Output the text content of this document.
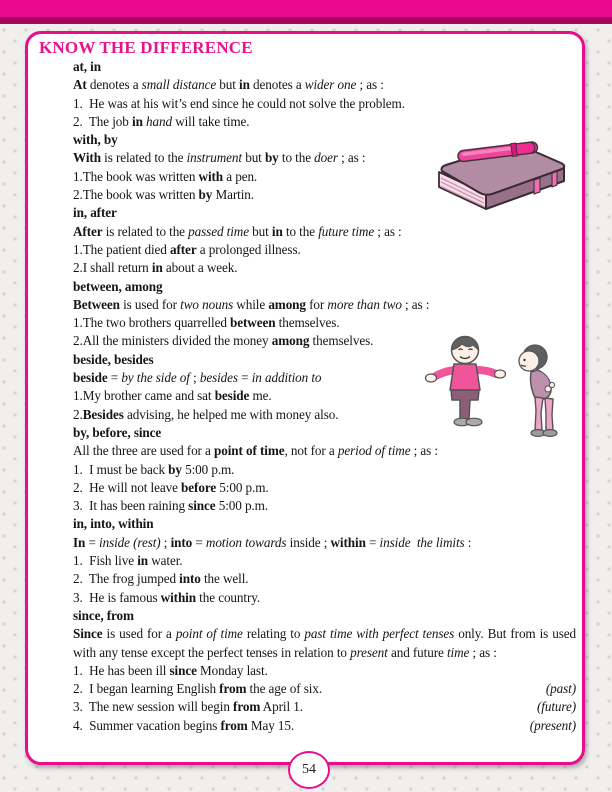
KNOW THE DIFFERENCE
at, in
At denotes a small distance but in denotes a wider one ; as :
1.  He was at his wit’s end since he could not solve the problem.
2.  The job in hand will take time.
with, by
With is related to the instrument but by to the doer ; as :
1.The book was written with a pen.
2.The book was written by Martin.
in, after
After is related to the passed time but in to the future time ; as :
1.The patient died after a prolonged illness.
2.I shall return in about a week.
between, among
Between is used for two nouns while among for more than two ; as :
1.The two brothers quarrelled between themselves.
2.All the ministers divided the money among themselves.
beside, besides
beside = by the side of ; besides = in addition to
1.My brother came and sat beside me.
2.Besides advising, he helped me with money also.
by, before, since
All the three are used for a point of time, not for a period of time ; as :
1.  I must be back by 5:00 p.m.
2.  He will not leave before 5:00 p.m.
3.  It has been raining since 5:00 p.m.
in, into, within
In = inside (rest) ; into = motion towards inside ; within = inside  the limits :
1.  Fish live in water.
2.  The frog jumped into the well.
3.  He is famous within the country.
since, from
Since is used for a point of time relating to past time with perfect tenses only. But from is used with any tense except the perfect tenses in relation to present and future time ; as :
1.  He has been ill since Monday last.
(past)
2.  I began learning English from the age of six.
(future)
3.  The new session will begin from April 1.
(present)
4.  Summer vacation begins from May 15.
54
